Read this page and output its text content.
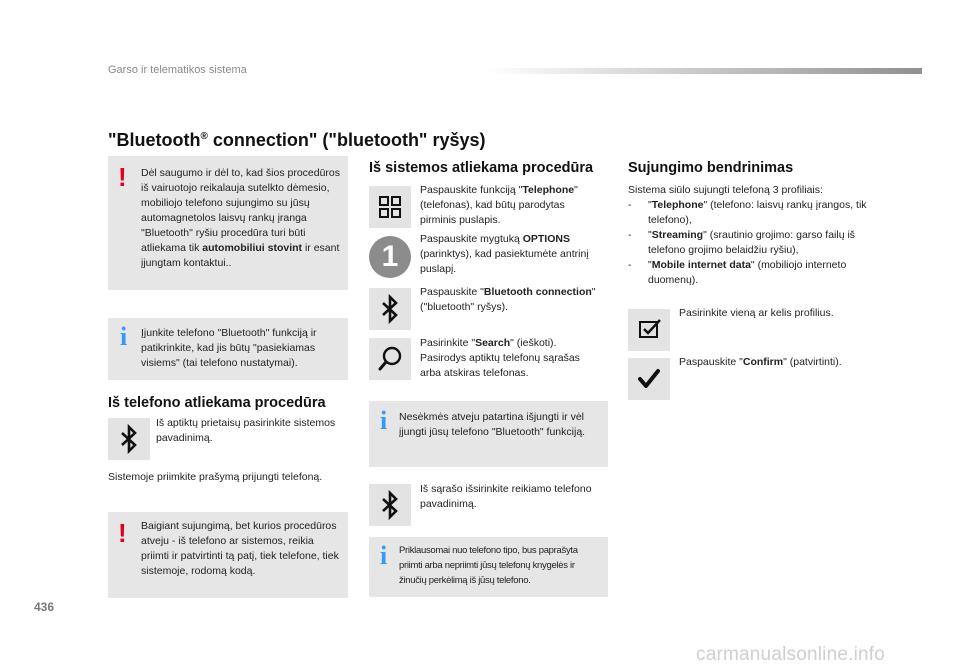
Garso ir telematikos sistema
"Bluetooth® connection" ("bluetooth" ryšys)
! Dėl saugumo ir dėl to, kad šios procedūros iš vairuotojo reikalauja sutelkto dėmesio, mobiliojo telefono sujungimo su jūsų automagnetolos laisvų rankų įranga "Bluetooth" ryšiu procedūra turi būti atliekama tik automobiliui stovint ir esant įjungtam kontaktui..
i Įjunkite telefono "Bluetooth" funkciją ir patikrinkite, kad jis būtų "pasiekiamas visiems" (tai telefono nustatymai).
Iš telefono atliekama procedūra
Iš aptiktų prietaisų pasirinkite sistemos pavadinimą.
Sistemoje priimkite prašymą prijungti telefoną.
! Baigiant sujungimą, bet kurios procedūros atveju - iš telefono ar sistemos, reikia priimti ir patvirtinti tą patį, tiek telefone, tiek sistemoje, rodomą kodą.
Iš sistemos atliekama procedūra
Paspauskite funkciją "Telephone" (telefonas), kad būtų parodytas pirminis puslapis.
1
Paspauskite mygtuką OPTIONS (parinktys), kad pasiektumėte antrinį puslapį.
Paspauskite "Bluetooth connection" ("bluetooth" ryšys).
Pasirinkite "Search" (ieškoti). Pasirodys aptiktų telefonų sąrašas arba atskiras telefonas.
i Nesėkmės atveju patartina išjungti ir vėl įjungti jūsų telefono "Bluetooth" funkciją.
Iš sąrašo išsirinkite reikiamo telefono pavadinimą.
i Priklausomai nuo telefono tipo, bus paprašyta priimti arba nepriimti jūsų telefonų knygelės ir žinučių perkėlimą iš jūsų telefono.
Sujungimo bendrinimas
Sistema siūlo sujungti telefoną 3 profiliais:
- "Telephone" (telefono: laisvų rankų įrangos, tik telefono),
- "Streaming" (srautinio grojimo: garso failų iš telefono grojimo belaidžiu ryšiu),
- "Mobile internet data" (mobiliojo interneto duomenų).
Pasirinkite vieną ar kelis profilius.
Paspauskite "Confirm" (patvirtinti).
436
carmanualsonline.info
